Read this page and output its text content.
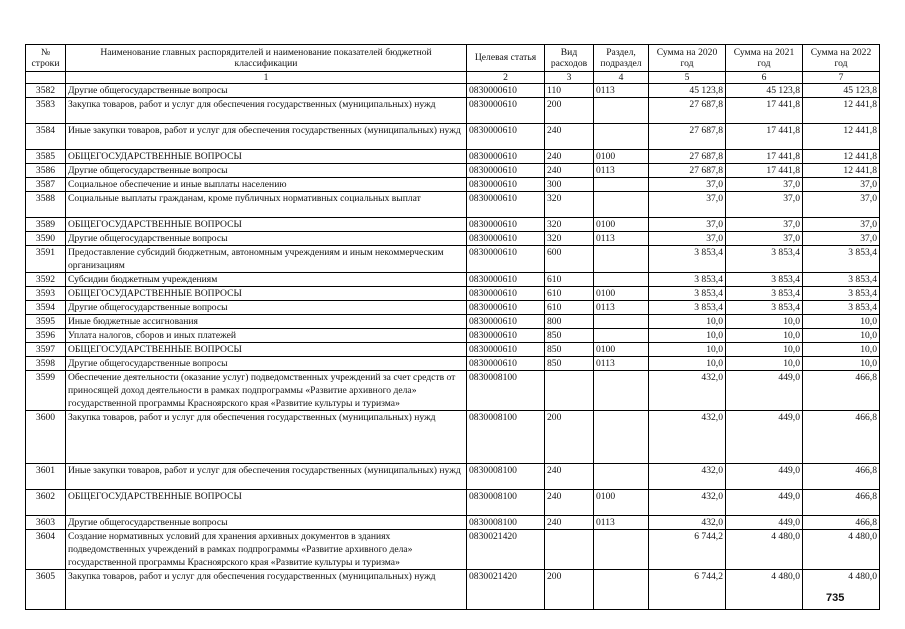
№ строки	Наименование главных распорядителей и наименование показателей бюджетной классификации	Целевая статья	Вид расходов	Раздел, подраздел	Сумма на 2020 год	Сумма на 2021 год	Сумма на 2022 год
	1	2	3	4	5	6	7
3582	Другие общегосударственные вопросы	0830000610	110	0113	45 123,8	45 123,8	45 123,8
3583	Закупка товаров, работ и услуг для обеспечения государственных (муниципальных) нужд	0830000610	200		27 687,8	17 441,8	12 441,8
3584	Иные закупки товаров, работ и услуг для обеспечения государственных (муниципальных) нужд	0830000610	240		27 687,8	17 441,8	12 441,8
3585	ОБЩЕГОСУДАРСТВЕННЫЕ ВОПРОСЫ	0830000610	240	0100	27 687,8	17 441,8	12 441,8
3586	Другие общегосударственные вопросы	0830000610	240	0113	27 687,8	17 441,8	12 441,8
3587	Социальное обеспечение и иные выплаты населению	0830000610	300		37,0	37,0	37,0
3588	Социальные выплаты гражданам, кроме публичных нормативных социальных выплат	0830000610	320		37,0	37,0	37,0
3589	ОБЩЕГОСУДАРСТВЕННЫЕ ВОПРОСЫ	0830000610	320	0100	37,0	37,0	37,0
3590	Другие общегосударственные вопросы	0830000610	320	0113	37,0	37,0	37,0
3591	Предоставление субсидий бюджетным, автономным учреждениям и иным некоммерческим организациям	0830000610	600		3 853,4	3 853,4	3 853,4
3592	Субсидии бюджетным учреждениям	0830000610	610		3 853,4	3 853,4	3 853,4
3593	ОБЩЕГОСУДАРСТВЕННЫЕ ВОПРОСЫ	0830000610	610	0100	3 853,4	3 853,4	3 853,4
3594	Другие общегосударственные вопросы	0830000610	610	0113	3 853,4	3 853,4	3 853,4
3595	Иные бюджетные ассигнования	0830000610	800		10,0	10,0	10,0
3596	Уплата налогов, сборов и иных платежей	0830000610	850		10,0	10,0	10,0
3597	ОБЩЕГОСУДАРСТВЕННЫЕ ВОПРОСЫ	0830000610	850	0100	10,0	10,0	10,0
3598	Другие общегосударственные вопросы	0830000610	850	0113	10,0	10,0	10,0
3599	Обеспечение деятельности (оказание услуг) подведомственных учреждений за счет средств от приносящей доход деятельности в рамках подпрограммы «Развитие архивного дела» государственной программы Красноярского края «Развитие культуры и туризма»	0830008100			432,0	449,0	466,8
3600	Закупка товаров, работ и услуг для обеспечения государственных (муниципальных) нужд	0830008100	200		432,0	449,0	466,8
3601	Иные закупки товаров, работ и услуг для обеспечения государственных (муниципальных) нужд	0830008100	240		432,0	449,0	466,8
3602	ОБЩЕГОСУДАРСТВЕННЫЕ ВОПРОСЫ	0830008100	240	0100	432,0	449,0	466,8
3603	Другие общегосударственные вопросы	0830008100	240	0113	432,0	449,0	466,8
3604	Создание нормативных условий для хранения архивных документов в зданиях подведомственных учреждений в рамках подпрограммы «Развитие архивного дела» государственной программы Красноярского края «Развитие культуры и туризма»	0830021420			6 744,2	4 480,0	4 480,0
3605	Закупка товаров, работ и услуг для обеспечения государственных (муниципальных) нужд	0830021420	200		6 744,2	4 480,0	4 480,0
735
